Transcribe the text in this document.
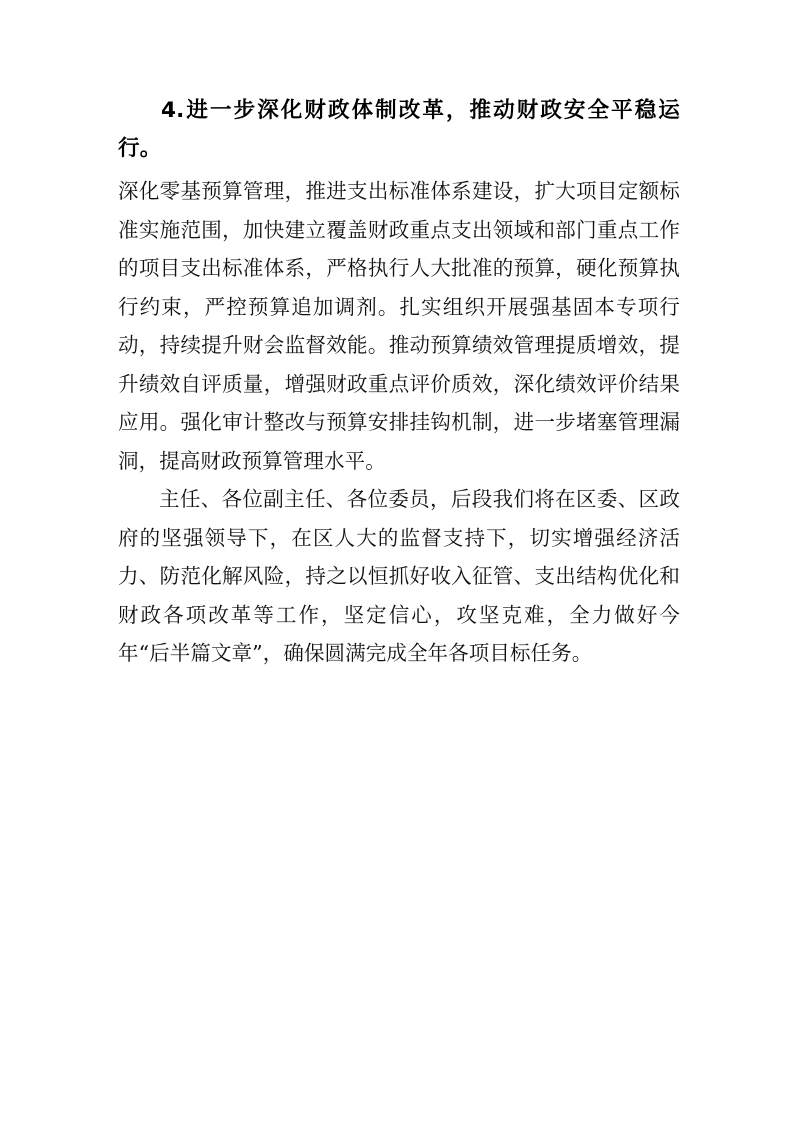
4.进一步深化财政体制改革，推动财政安全平稳运行。

深化零基预算管理，推进支出标准体系建设，扩大项目定额标准实施范围，加快建立覆盖财政重点支出领域和部门重点工作的项目支出标准体系，严格执行人大批准的预算，硬化预算执行约束，严控预算追加调剂。扎实组织开展强基固本专项行动，持续提升财会监督效能。推动预算绩效管理提质增效，提升绩效自评质量，增强财政重点评价质效，深化绩效评价结果应用。强化审计整改与预算安排挂钩机制，进一步堵塞管理漏洞，提高财政预算管理水平。

主任、各位副主任、各位委员，后段我们将在区委、区政府的坚强领导下，在区人大的监督支持下，切实增强经济活力、防范化解风险，持之以恒抓好收入征管、支出结构优化和财政各项改革等工作，坚定信心，攻坚克难，全力做好今年“后半篇文章”，确保圆满完成全年各项目标任务。
